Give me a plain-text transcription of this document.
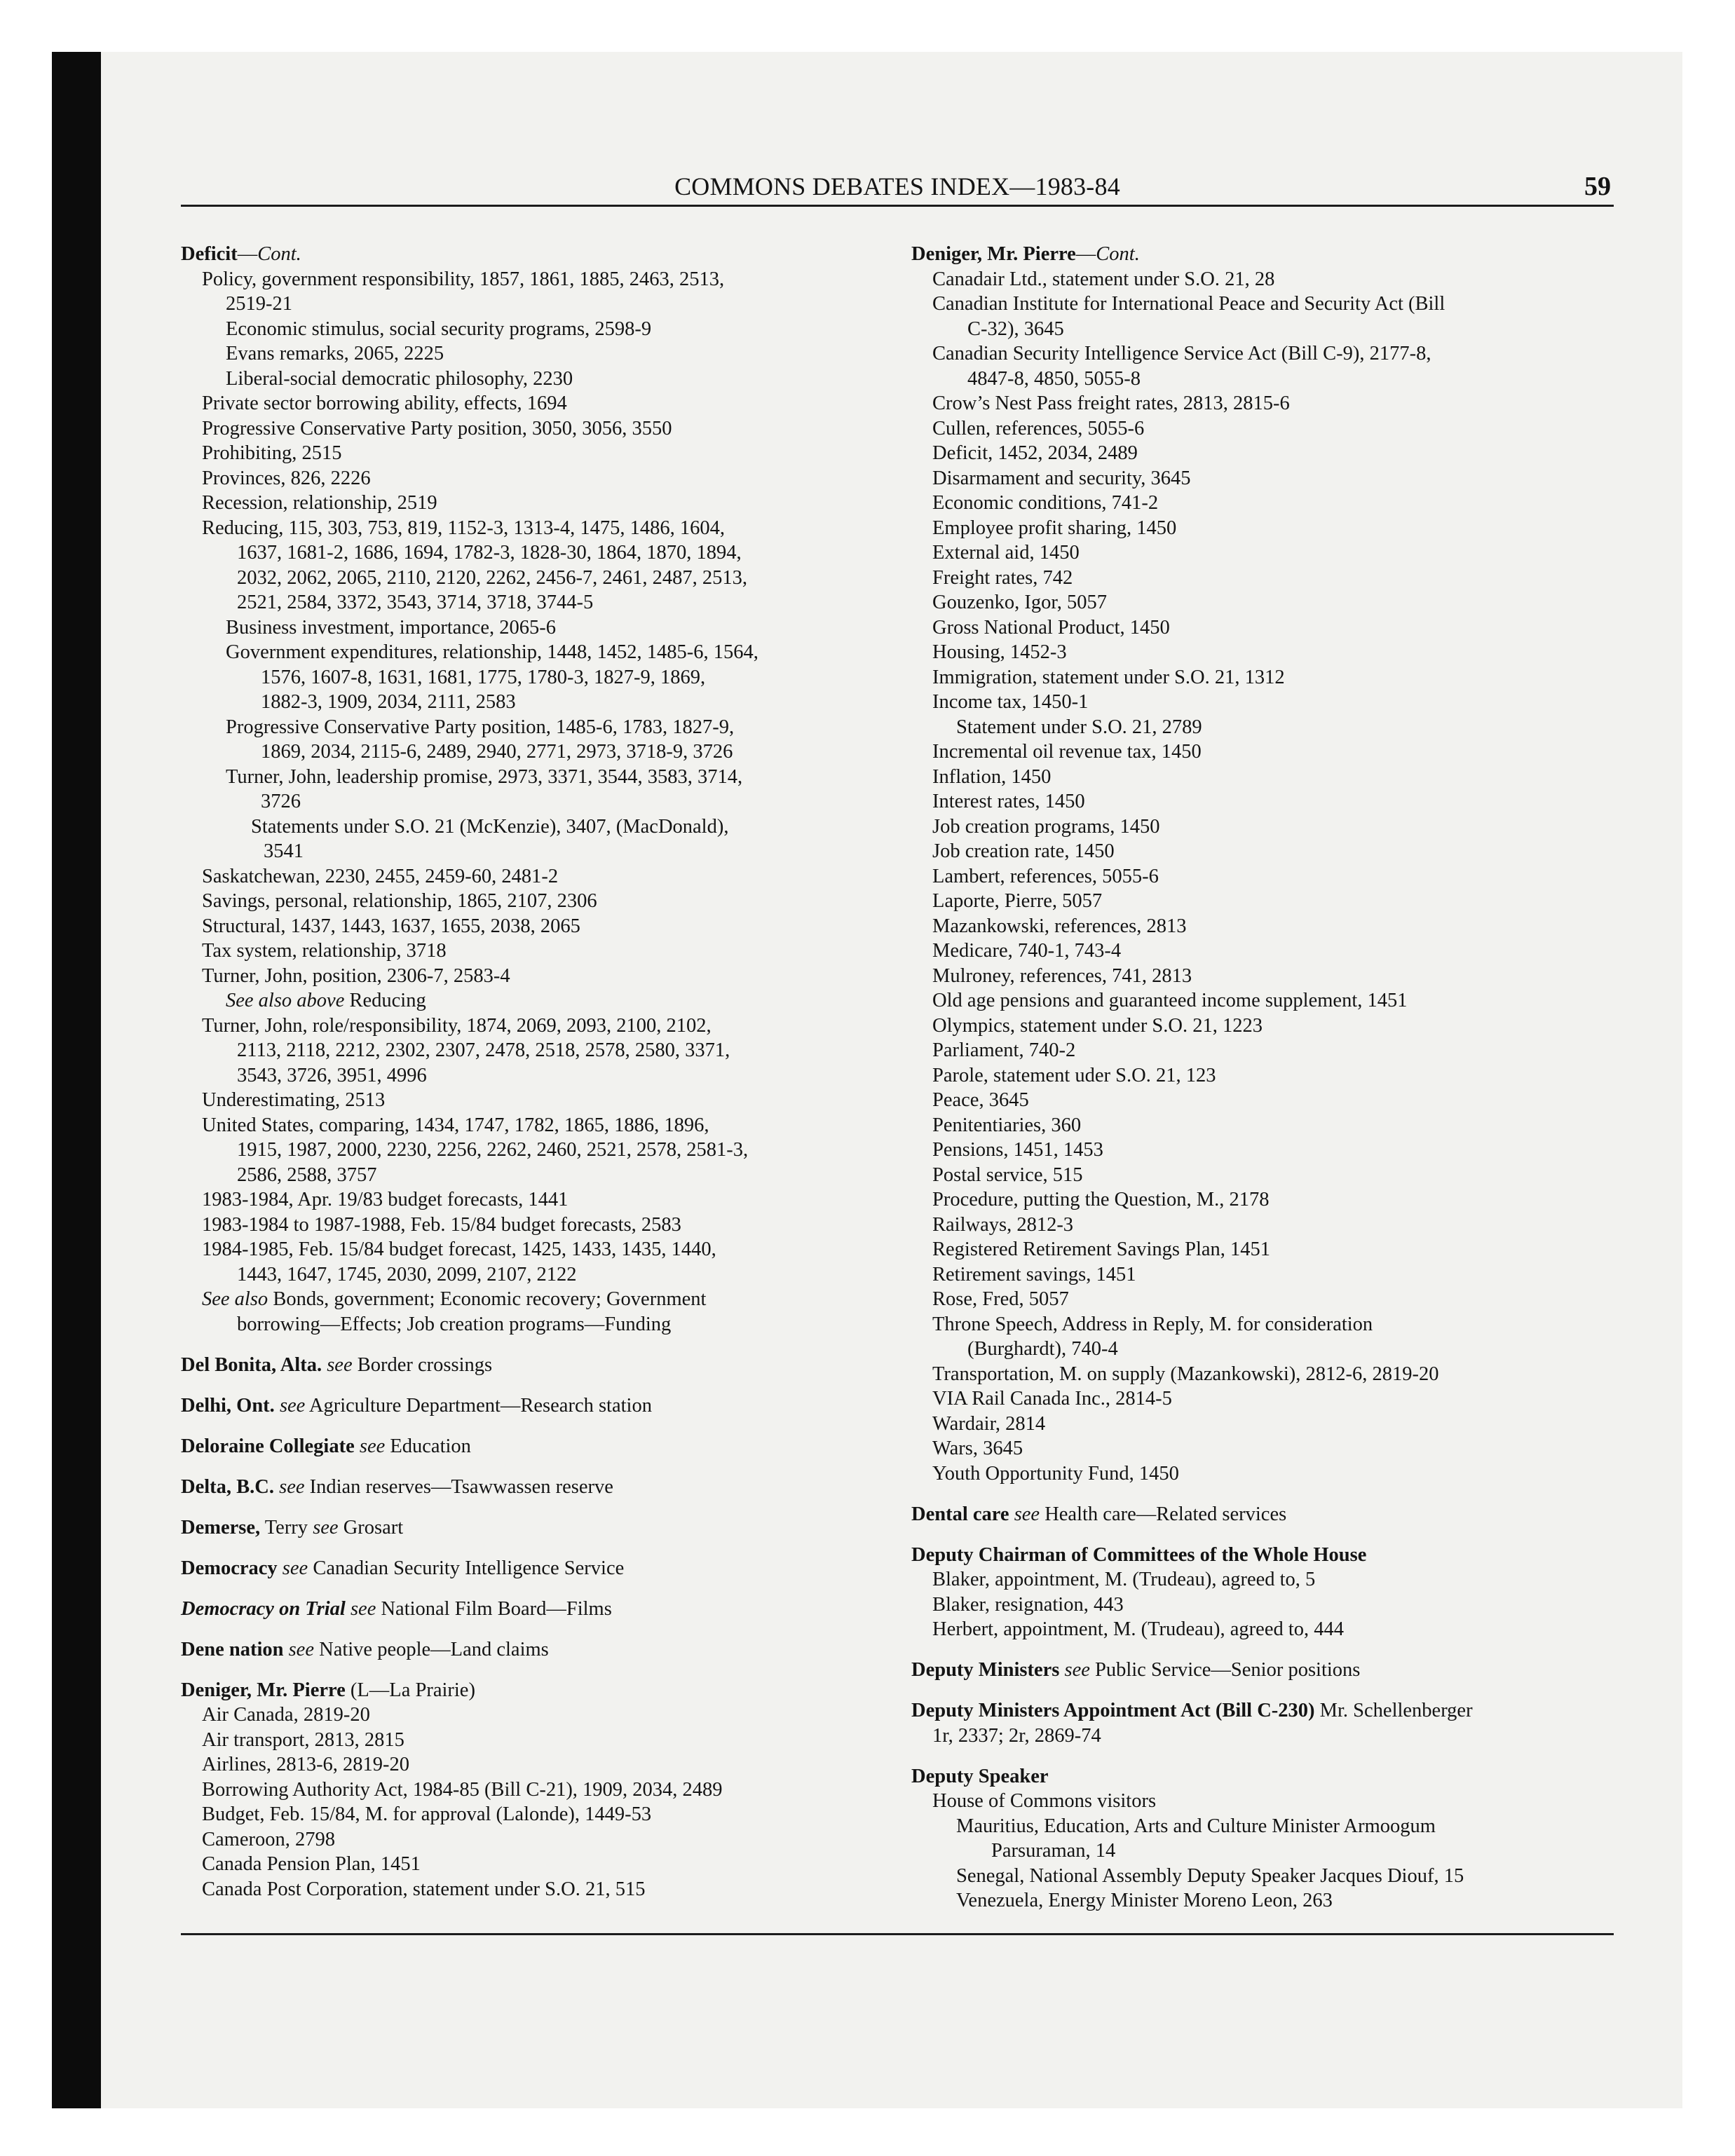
COMMONS DEBATES INDEX—1983-84	59
Deficit—Cont.
Policy, government responsibility, 1857, 1861, 1885, 2463, 2513,
2519-21
Economic stimulus, social security programs, 2598-9
Evans remarks, 2065, 2225
Liberal-social democratic philosophy, 2230
Private sector borrowing ability, effects, 1694
Progressive Conservative Party position, 3050, 3056, 3550
Prohibiting, 2515
Provinces, 826, 2226
Recession, relationship, 2519
Reducing, 115, 303, 753, 819, 1152-3, 1313-4, 1475, 1486, 1604,
1637, 1681-2, 1686, 1694, 1782-3, 1828-30, 1864, 1870, 1894,
2032, 2062, 2065, 2110, 2120, 2262, 2456-7, 2461, 2487, 2513,
2521, 2584, 3372, 3543, 3714, 3718, 3744-5
Business investment, importance, 2065-6
Government expenditures, relationship, 1448, 1452, 1485-6, 1564,
1576, 1607-8, 1631, 1681, 1775, 1780-3, 1827-9, 1869,
1882-3, 1909, 2034, 2111, 2583
Progressive Conservative Party position, 1485-6, 1783, 1827-9,
1869, 2034, 2115-6, 2489, 2940, 2771, 2973, 3718-9, 3726
Turner, John, leadership promise, 2973, 3371, 3544, 3583, 3714,
3726
Statements under S.O. 21 (McKenzie), 3407, (MacDonald),
3541
Saskatchewan, 2230, 2455, 2459-60, 2481-2
Savings, personal, relationship, 1865, 2107, 2306
Structural, 1437, 1443, 1637, 1655, 2038, 2065
Tax system, relationship, 3718
Turner, John, position, 2306-7, 2583-4
See also above Reducing
Turner, John, role/responsibility, 1874, 2069, 2093, 2100, 2102,
2113, 2118, 2212, 2302, 2307, 2478, 2518, 2578, 2580, 3371,
3543, 3726, 3951, 4996
Underestimating, 2513
United States, comparing, 1434, 1747, 1782, 1865, 1886, 1896,
1915, 1987, 2000, 2230, 2256, 2262, 2460, 2521, 2578, 2581-3,
2586, 2588, 3757
1983-1984, Apr. 19/83 budget forecasts, 1441
1983-1984 to 1987-1988, Feb. 15/84 budget forecasts, 2583
1984-1985, Feb. 15/84 budget forecast, 1425, 1433, 1435, 1440,
1443, 1647, 1745, 2030, 2099, 2107, 2122
See also Bonds, government; Economic recovery; Government
borrowing—Effects; Job creation programs—Funding
Del Bonita, Alta. see Border crossings
Delhi, Ont. see Agriculture Department—Research station
Deloraine Collegiate see Education
Delta, B.C. see Indian reserves—Tsawwassen reserve
Demerse, Terry see Grosart
Democracy see Canadian Security Intelligence Service
Democracy on Trial see National Film Board—Films
Dene nation see Native people—Land claims
Deniger, Mr. Pierre (L—La Prairie)
Air Canada, 2819-20
Air transport, 2813, 2815
Airlines, 2813-6, 2819-20
Borrowing Authority Act, 1984-85 (Bill C-21), 1909, 2034, 2489
Budget, Feb. 15/84, M. for approval (Lalonde), 1449-53
Cameroon, 2798
Canada Pension Plan, 1451
Canada Post Corporation, statement under S.O. 21, 515
Deniger, Mr. Pierre—Cont.
Canadair Ltd., statement under S.O. 21, 28
Canadian Institute for International Peace and Security Act (Bill
C-32), 3645
Canadian Security Intelligence Service Act (Bill C-9), 2177-8,
4847-8, 4850, 5055-8
Crow’s Nest Pass freight rates, 2813, 2815-6
Cullen, references, 5055-6
Deficit, 1452, 2034, 2489
Disarmament and security, 3645
Economic conditions, 741-2
Employee profit sharing, 1450
External aid, 1450
Freight rates, 742
Gouzenko, Igor, 5057
Gross National Product, 1450
Housing, 1452-3
Immigration, statement under S.O. 21, 1312
Income tax, 1450-1
Statement under S.O. 21, 2789
Incremental oil revenue tax, 1450
Inflation, 1450
Interest rates, 1450
Job creation programs, 1450
Job creation rate, 1450
Lambert, references, 5055-6
Laporte, Pierre, 5057
Mazankowski, references, 2813
Medicare, 740-1, 743-4
Mulroney, references, 741, 2813
Old age pensions and guaranteed income supplement, 1451
Olympics, statement under S.O. 21, 1223
Parliament, 740-2
Parole, statement uder S.O. 21, 123
Peace, 3645
Penitentiaries, 360
Pensions, 1451, 1453
Postal service, 515
Procedure, putting the Question, M., 2178
Railways, 2812-3
Registered Retirement Savings Plan, 1451
Retirement savings, 1451
Rose, Fred, 5057
Throne Speech, Address in Reply, M. for consideration
(Burghardt), 740-4
Transportation, M. on supply (Mazankowski), 2812-6, 2819-20
VIA Rail Canada Inc., 2814-5
Wardair, 2814
Wars, 3645
Youth Opportunity Fund, 1450
Dental care see Health care—Related services
Deputy Chairman of Committees of the Whole House
Blaker, appointment, M. (Trudeau), agreed to, 5
Blaker, resignation, 443
Herbert, appointment, M. (Trudeau), agreed to, 444
Deputy Ministers see Public Service—Senior positions
Deputy Ministers Appointment Act (Bill C-230) Mr. Schellenberger
1r, 2337; 2r, 2869-74
Deputy Speaker
House of Commons visitors
Mauritius, Education, Arts and Culture Minister Armoogum
Parsuraman, 14
Senegal, National Assembly Deputy Speaker Jacques Diouf, 15
Venezuela, Energy Minister Moreno Leon, 263
